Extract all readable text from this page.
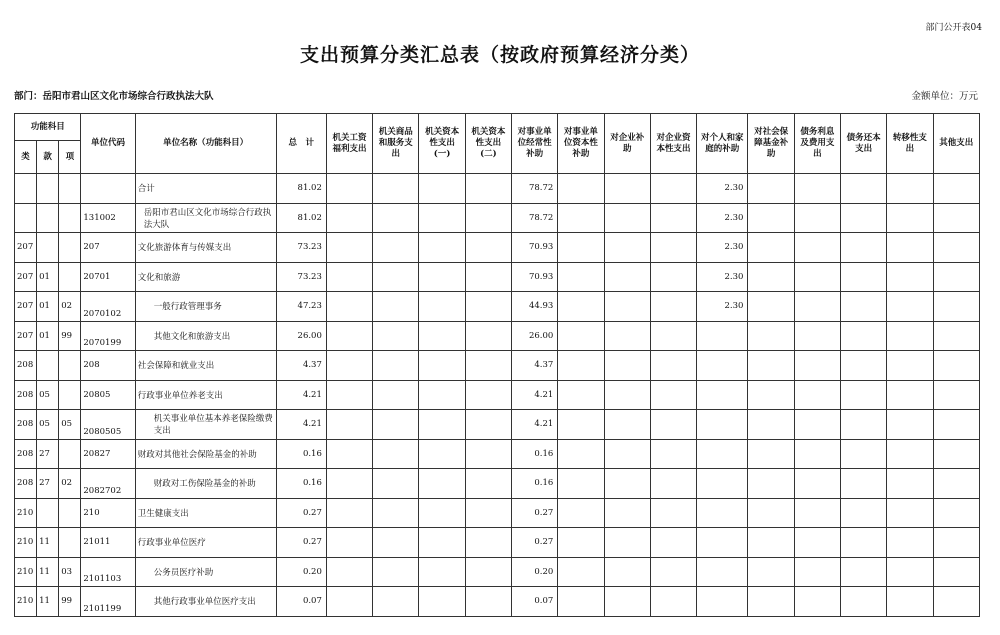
部门公开表04
支出预算分类汇总表（按政府预算经济分类）
部门：岳阳市君山区文化市场综合行政执法大队	金额单位：万元
功能科目			单位代码	单位名称（功能科目）	总　计	机关工资福利支出	机关商品和服务支出	机关资本性支出(一)	机关资本性支出(二)	对事业单位经常性补助	对事业单位资本性补助	对企业补助	对企业资本性支出	对个人和家庭的补助	对社会保障基金补助	债务利息及费用支出	债务还本支出	转移性支出	其他支出
类	款	项																	
				合计	81.02					78.72				2.30					
			131002	岳阳市君山区文化市场综合行政执法大队	81.02					78.72				2.30					
207			207	文化旅游体育与传媒支出	73.23					70.93				2.30					
207	01		20701	文化和旅游	73.23					70.93				2.30					
207	01	02	2070102	一般行政管理事务	47.23					44.93				2.30					
207	01	99	2070199	其他文化和旅游支出	26.00					26.00									
208			208	社会保障和就业支出	4.37					4.37									
208	05		20805	行政事业单位养老支出	4.21					4.21									
208	05	05	2080505	机关事业单位基本养老保险缴费支出	4.21					4.21									
208	27		20827	财政对其他社会保险基金的补助	0.16					0.16									
208	27	02	2082702	财政对工伤保险基金的补助	0.16					0.16									
210			210	卫生健康支出	0.27					0.27									
210	11		21011	行政事业单位医疗	0.27					0.27									
210	11	03	2101103	公务员医疗补助	0.20					0.20									
210	11	99	2101199	其他行政事业单位医疗支出	0.07					0.07									
